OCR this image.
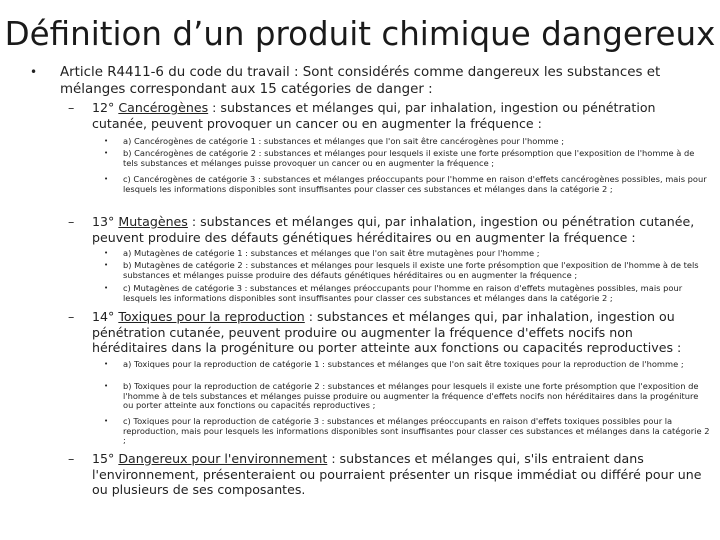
Définition d’un produit chimique dangereux
• Article R4411-6 du code du travail : Sont considérés comme dangereux les substances et mélanges correspondant aux 15 catégories de danger :
– 12° Cancérogènes : substances et mélanges qui, par inhalation, ingestion ou pénétration cutanée, peuvent provoquer un cancer ou en augmenter la fréquence :
• a) Cancérogènes de catégorie 1 : substances et mélanges que l'on sait être cancérogènes pour l'homme ;
• b) Cancérogènes de catégorie 2 : substances et mélanges pour lesquels il existe une forte présomption que l'exposition de l'homme à de tels substances et mélanges puisse provoquer un cancer ou en augmenter la fréquence ;
• c) Cancérogènes de catégorie 3 : substances et mélanges préoccupants pour l'homme en raison d'effets cancérogènes possibles, mais pour lesquels les informations disponibles sont insuffisantes pour classer ces substances et mélanges dans la catégorie 2 ;
– 13° Mutagènes : substances et mélanges qui, par inhalation, ingestion ou pénétration cutanée, peuvent produire des défauts génétiques héréditaires ou en augmenter la fréquence :
• a) Mutagènes de catégorie 1 : substances et mélanges que l'on sait être mutagènes pour l'homme ;
• b) Mutagènes de catégorie 2 : substances et mélanges pour lesquels il existe une forte présomption que l'exposition de l'homme à de tels substances et mélanges puisse produire des défauts génétiques héréditaires ou en augmenter la fréquence ;
• c) Mutagènes de catégorie 3 : substances et mélanges préoccupants pour l'homme en raison d'effets mutagènes possibles, mais pour lesquels les informations disponibles sont insuffisantes pour classer ces substances et mélanges dans la catégorie 2 ;
– 14° Toxiques pour la reproduction : substances et mélanges qui, par inhalation, ingestion ou pénétration cutanée, peuvent produire ou augmenter la fréquence d'effets nocifs non héréditaires dans la progéniture ou porter atteinte aux fonctions ou capacités reproductives :
• a) Toxiques pour la reproduction de catégorie 1 : substances et mélanges que l'on sait être toxiques pour la reproduction de l'homme ;
• b) Toxiques pour la reproduction de catégorie 2 : substances et mélanges pour lesquels il existe une forte présomption que l'exposition de l'homme à de tels substances et mélanges puisse produire ou augmenter la fréquence d'effets nocifs non héréditaires dans la progéniture ou porter atteinte aux fonctions ou capacités reproductives ;
• c) Toxiques pour la reproduction de catégorie 3 : substances et mélanges préoccupants en raison d'effets toxiques possibles pour la reproduction, mais pour lesquels les informations disponibles sont insuffisantes pour classer ces substances et mélanges dans la catégorie 2 ;
– 15° Dangereux pour l'environnement : substances et mélanges qui, s'ils entraient dans l'environnement, présenteraient ou pourraient présenter un risque immédiat ou différé pour une ou plusieurs de ses composantes.
